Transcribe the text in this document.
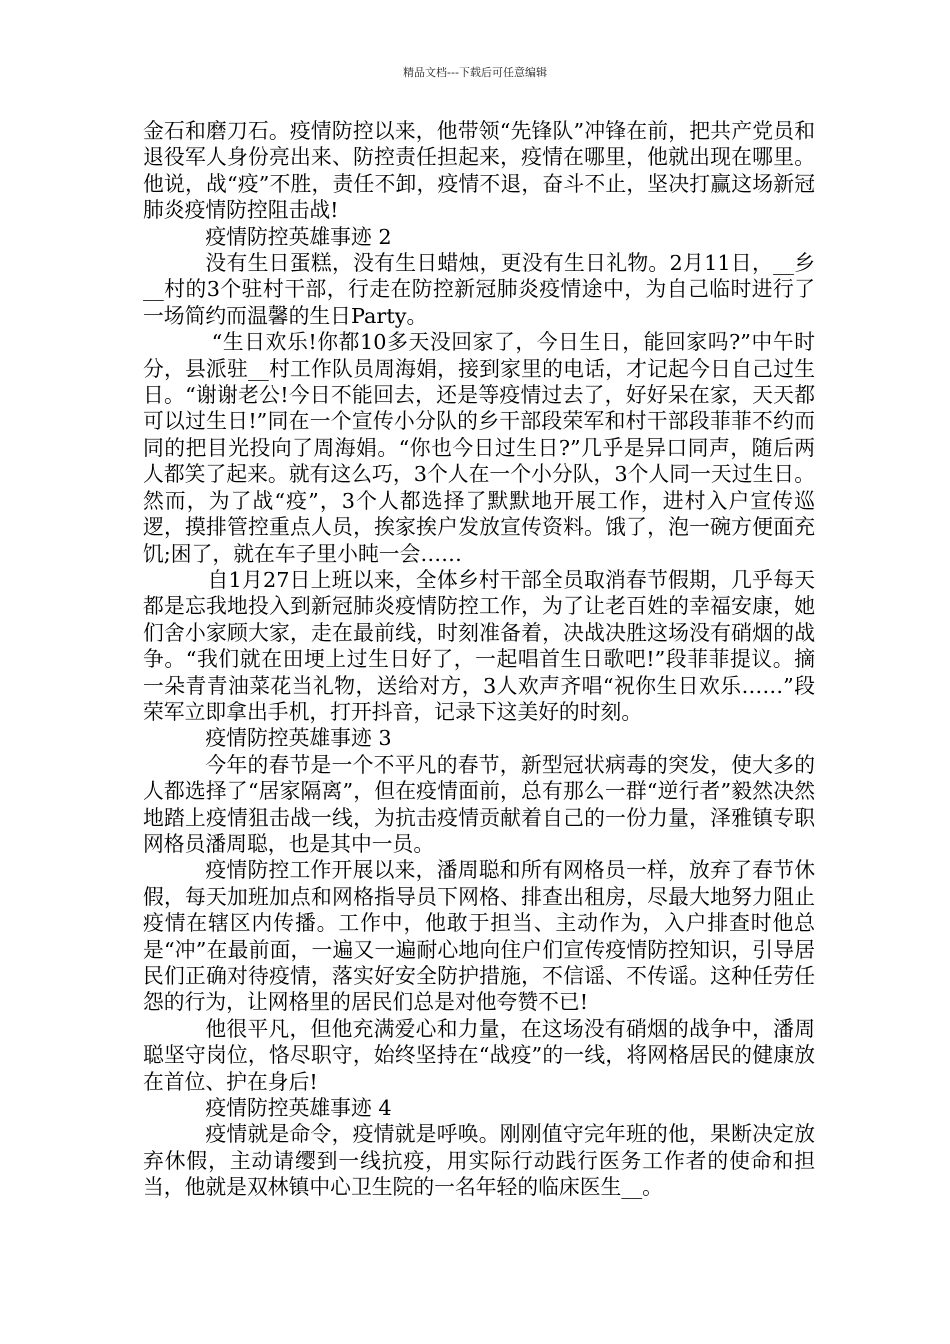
精品文档---下载后可任意编辑

金石和磨刀石。疫情防控以来，他带领“先锋队”冲锋在前，把共产党员和退役军人身份亮出来、防控责任担起来，疫情在哪里，他就出现在哪里。他说，战“疫”不胜，责任不卸，疫情不退，奋斗不止，坚决打赢这场新冠肺炎疫情防控阻击战!

疫情防控英雄事迹 2

没有生日蛋糕，没有生日蜡烛，更没有生日礼物。2月11日，__乡__村的3个驻村干部，行走在防控新冠肺炎疫情途中，为自己临时进行了一场简约而温馨的生日Party。

“生日欢乐!你都10多天没回家了，今日生日，能回家吗?”中午时分，县派驻__村工作队员周海娟，接到家里的电话，才记起今日自己过生日。“谢谢老公!今日不能回去，还是等疫情过去了，好好呆在家，天天都可以过生日!”同在一个宣传小分队的乡干部段荣军和村干部段菲菲不约而同的把目光投向了周海娟。“你也今日过生日?”几乎是异口同声，随后两人都笑了起来。就有这么巧，3个人在一个小分队，3个人同一天过生日。然而，为了战“疫”，3个人都选择了默默地开展工作，进村入户宣传巡逻，摸排管控重点人员，挨家挨户发放宣传资料。饿了，泡一碗方便面充饥;困了，就在车子里小盹一会……

自1月27日上班以来，全体乡村干部全员取消春节假期，几乎每天都是忘我地投入到新冠肺炎疫情防控工作，为了让老百姓的幸福安康，她们舍小家顾大家，走在最前线，时刻准备着，决战决胜这场没有硝烟的战争。“我们就在田埂上过生日好了，一起唱首生日歌吧!”段菲菲提议。摘一朵青青油菜花当礼物，送给对方，3人欢声齐唱“祝你生日欢乐……”段荣军立即拿出手机，打开抖音，记录下这美好的时刻。

疫情防控英雄事迹 3

今年的春节是一个不平凡的春节，新型冠状病毒的突发，使大多的人都选择了“居家隔离”，但在疫情面前，总有那么一群“逆行者”毅然决然地踏上疫情狙击战一线，为抗击疫情贡献着自己的一份力量，泽雅镇专职网格员潘周聪，也是其中一员。

疫情防控工作开展以来，潘周聪和所有网格员一样，放弃了春节休假，每天加班加点和网格指导员下网格、排查出租房，尽最大地努力阻止疫情在辖区内传播。工作中，他敢于担当、主动作为，入户排查时他总是“冲”在最前面，一遍又一遍耐心地向住户们宣传疫情防控知识，引导居民们正确对待疫情，落实好安全防护措施，不信谣、不传谣。这种任劳任怨的行为，让网格里的居民们总是对他夸赞不已!

他很平凡，但他充满爱心和力量，在这场没有硝烟的战争中，潘周聪坚守岗位，恪尽职守，始终坚持在“战疫”的一线，将网格居民的健康放在首位、护在身后!

疫情防控英雄事迹 4

疫情就是命令，疫情就是呼唤。刚刚值守完年班的他，果断决定放弃休假，主动请缨到一线抗疫，用实际行动践行医务工作者的使命和担当，他就是双林镇中心卫生院的一名年轻的临床医生__。
